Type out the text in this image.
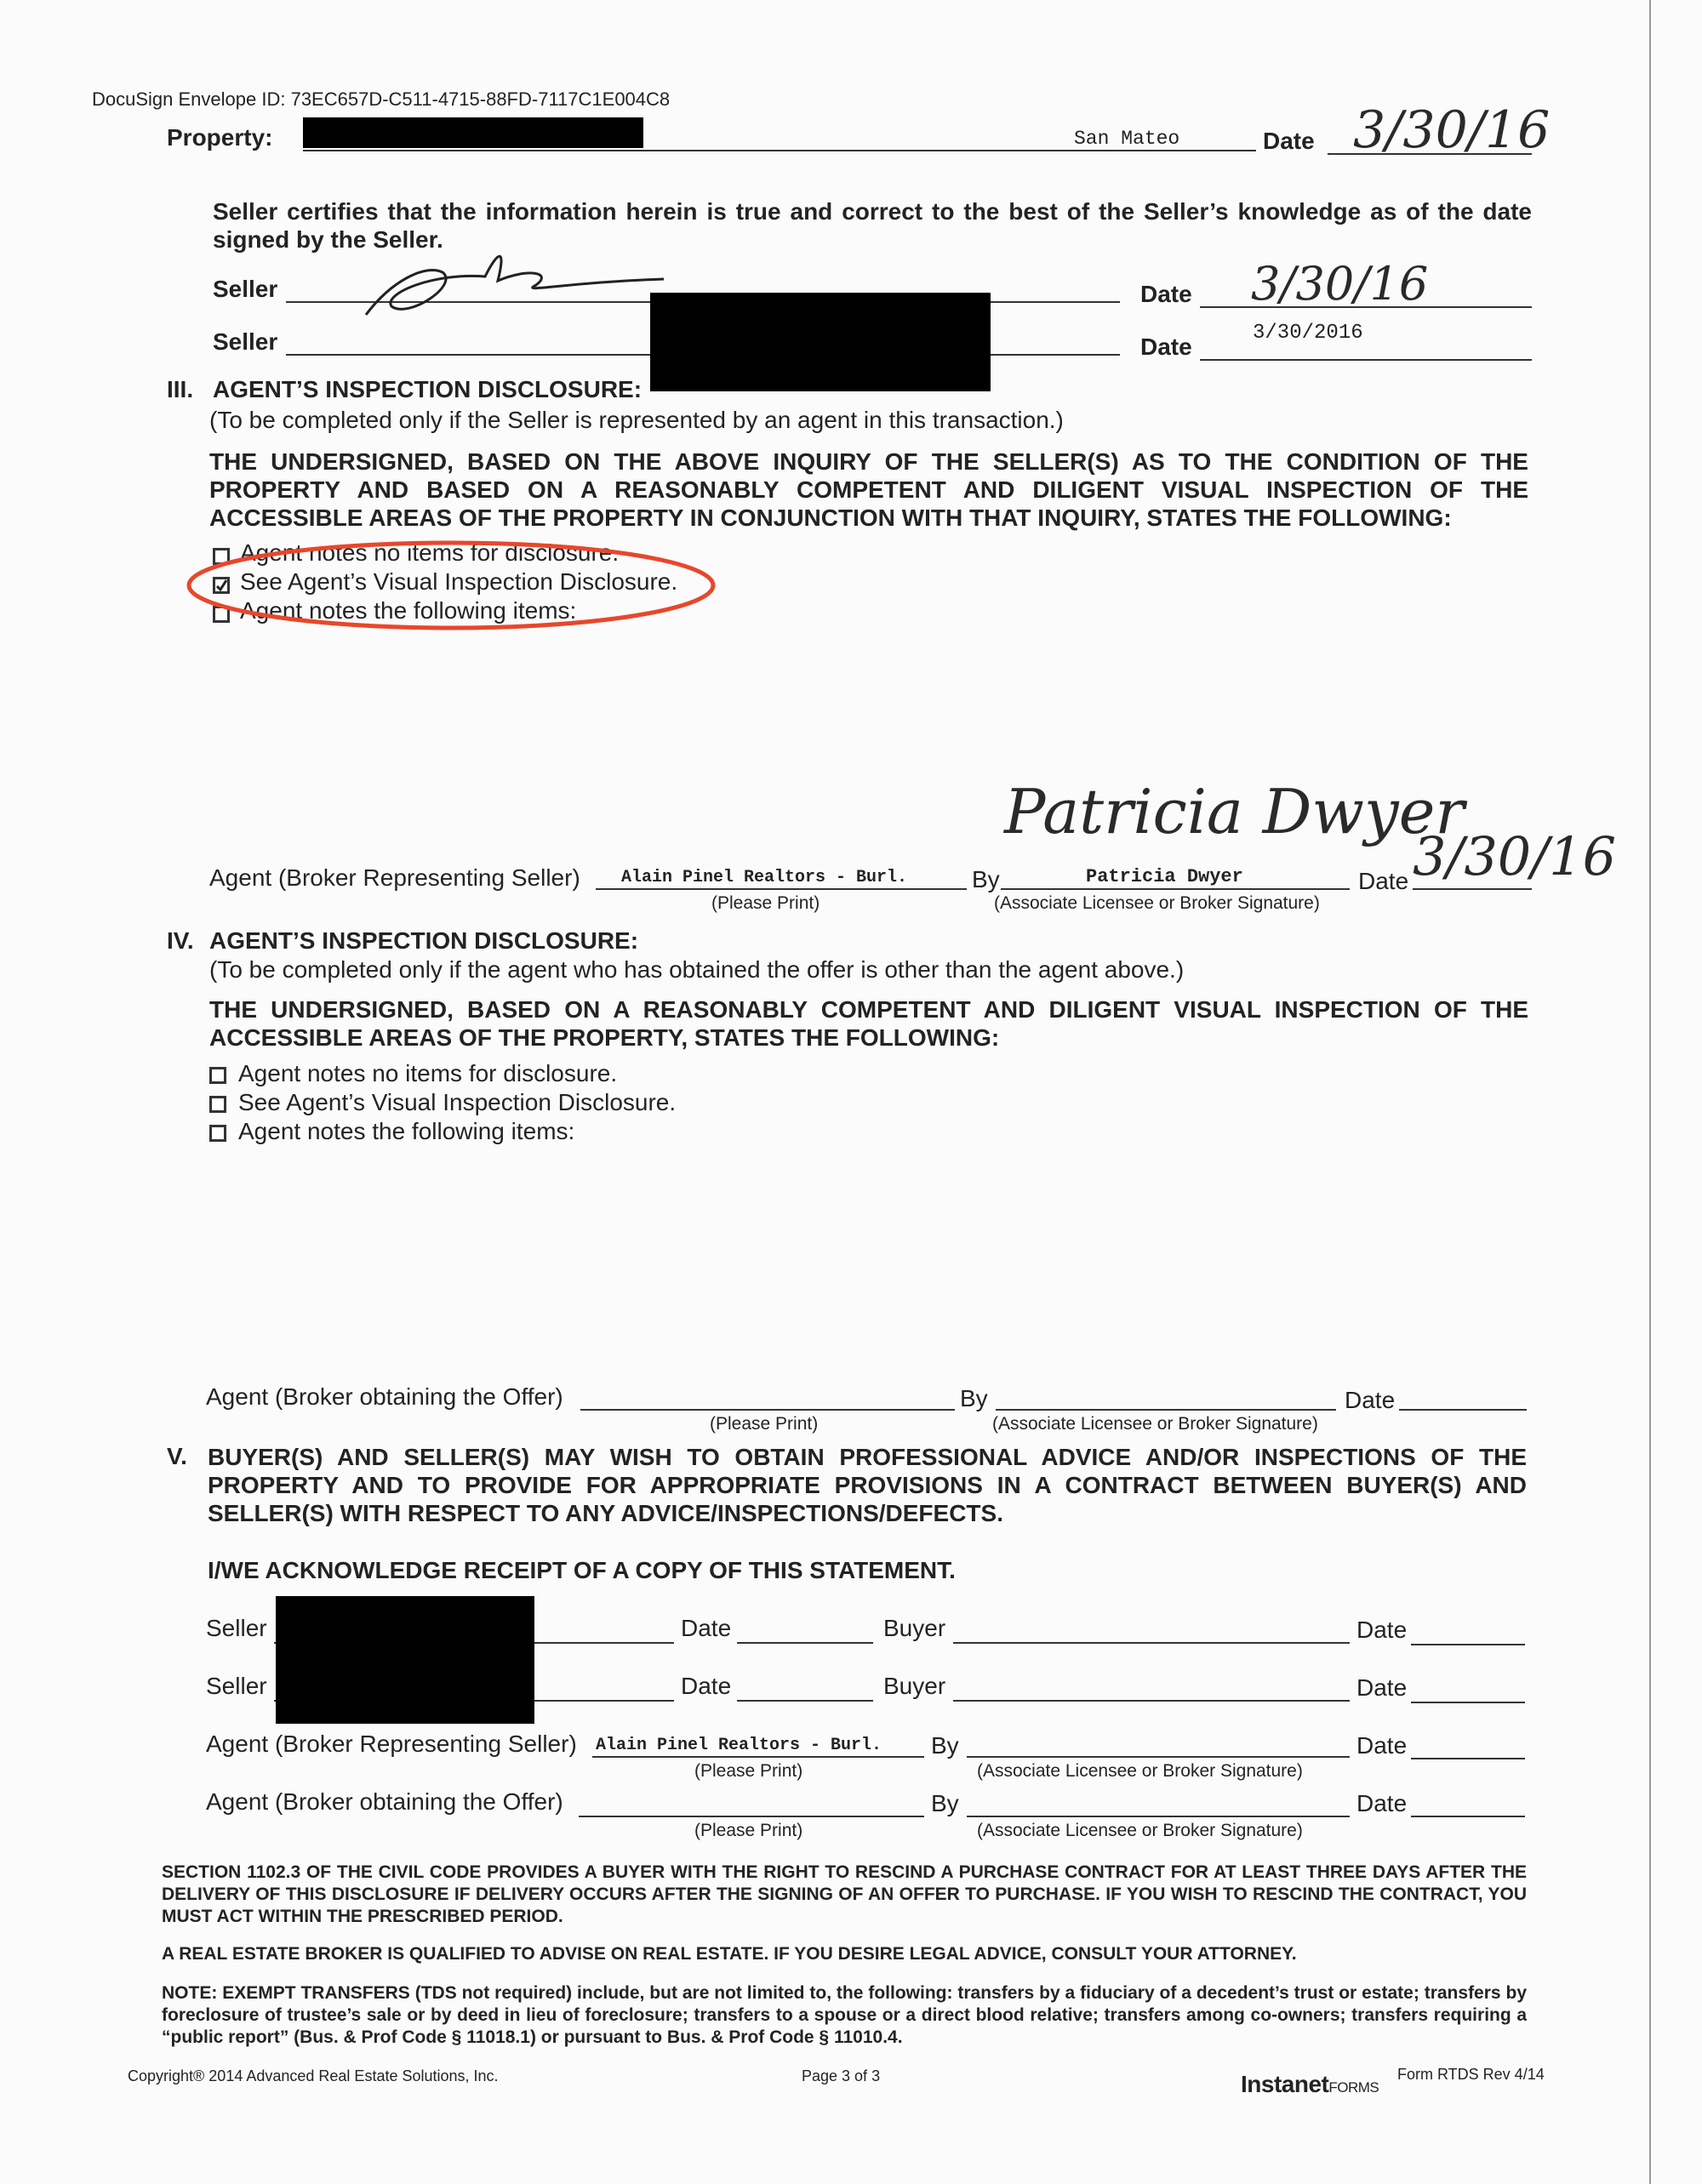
DocuSign Envelope ID: 73EC657D-C511-4715-88FD-7117C1E004C8
Property:	San Mateo	Date 3/30/16
Seller certifies that the information herein is true and correct to the best of the Seller’s knowledge as of the date signed by the Seller.
Seller	Date 3/30/16
Seller	Date
3/30/2016
III. AGENT’S INSPECTION DISCLOSURE:
(To be completed only if the Seller is represented by an agent in this transaction.)
THE UNDERSIGNED, BASED ON THE ABOVE INQUIRY OF THE SELLER(S) AS TO THE CONDITION OF THE PROPERTY AND BASED ON A REASONABLY COMPETENT AND DILIGENT VISUAL INSPECTION OF THE ACCESSIBLE AREAS OF THE PROPERTY IN CONJUNCTION WITH THAT INQUIRY, STATES THE FOLLOWING:
Agent notes no items for disclosure.
See Agent’s Visual Inspection Disclosure.
Agent notes the following items:
Agent (Broker Representing Seller) Alain Pinel Realtors - Burl.
(Please Print)
By	Patricia Dwyer
(Associate Licensee or Broker Signature)
Patricia Dwyer
Date 3/30/16
IV. AGENT’S INSPECTION DISCLOSURE:
(To be completed only if the agent who has obtained the offer is other than the agent above.)
THE UNDERSIGNED, BASED ON A REASONABLY COMPETENT AND DILIGENT VISUAL INSPECTION OF THE ACCESSIBLE AREAS OF THE PROPERTY, STATES THE FOLLOWING:
Agent notes no items for disclosure.
See Agent’s Visual Inspection Disclosure.
Agent notes the following items:
Agent (Broker obtaining the Offer)
(Please Print)
By
(Associate Licensee or Broker Signature)
Date
V. BUYER(S) AND SELLER(S) MAY WISH TO OBTAIN PROFESSIONAL ADVICE AND/OR INSPECTIONS OF THE PROPERTY AND TO PROVIDE FOR APPROPRIATE PROVISIONS IN A CONTRACT BETWEEN BUYER(S) AND SELLER(S) WITH RESPECT TO ANY ADVICE/INSPECTIONS/DEFECTS.
I/WE ACKNOWLEDGE RECEIPT OF A COPY OF THIS STATEMENT.
Seller	Date	Buyer	Date
Seller	Date	Buyer	Date
Agent (Broker Representing Seller) Alain Pinel Realtors - Burl.
(Please Print)
By
(Associate Licensee or Broker Signature)
Date
Agent (Broker obtaining the Offer)
(Please Print)
By
(Associate Licensee or Broker Signature)
Date
SECTION 1102.3 OF THE CIVIL CODE PROVIDES A BUYER WITH THE RIGHT TO RESCIND A PURCHASE CONTRACT FOR AT LEAST THREE DAYS AFTER THE DELIVERY OF THIS DISCLOSURE IF DELIVERY OCCURS AFTER THE SIGNING OF AN OFFER TO PURCHASE. IF YOU WISH TO RESCIND THE CONTRACT, YOU MUST ACT WITHIN THE PRESCRIBED PERIOD.
A REAL ESTATE BROKER IS QUALIFIED TO ADVISE ON REAL ESTATE. IF YOU DESIRE LEGAL ADVICE, CONSULT YOUR ATTORNEY.
NOTE: EXEMPT TRANSFERS (TDS not required) include, but are not limited to, the following: transfers by a fiduciary of a decedent’s trust or estate; transfers by foreclosure of trustee’s sale or by deed in lieu of foreclosure; transfers to a spouse or a direct blood relative; transfers among co-owners; transfers requiring a “public report” (Bus. & Prof Code § 11018.1) or pursuant to Bus. & Prof Code § 11010.4.
Copyright® 2014 Advanced Real Estate Solutions, Inc.	Page 3 of 3	InstanetFORMS
Form RTDS Rev 4/14
